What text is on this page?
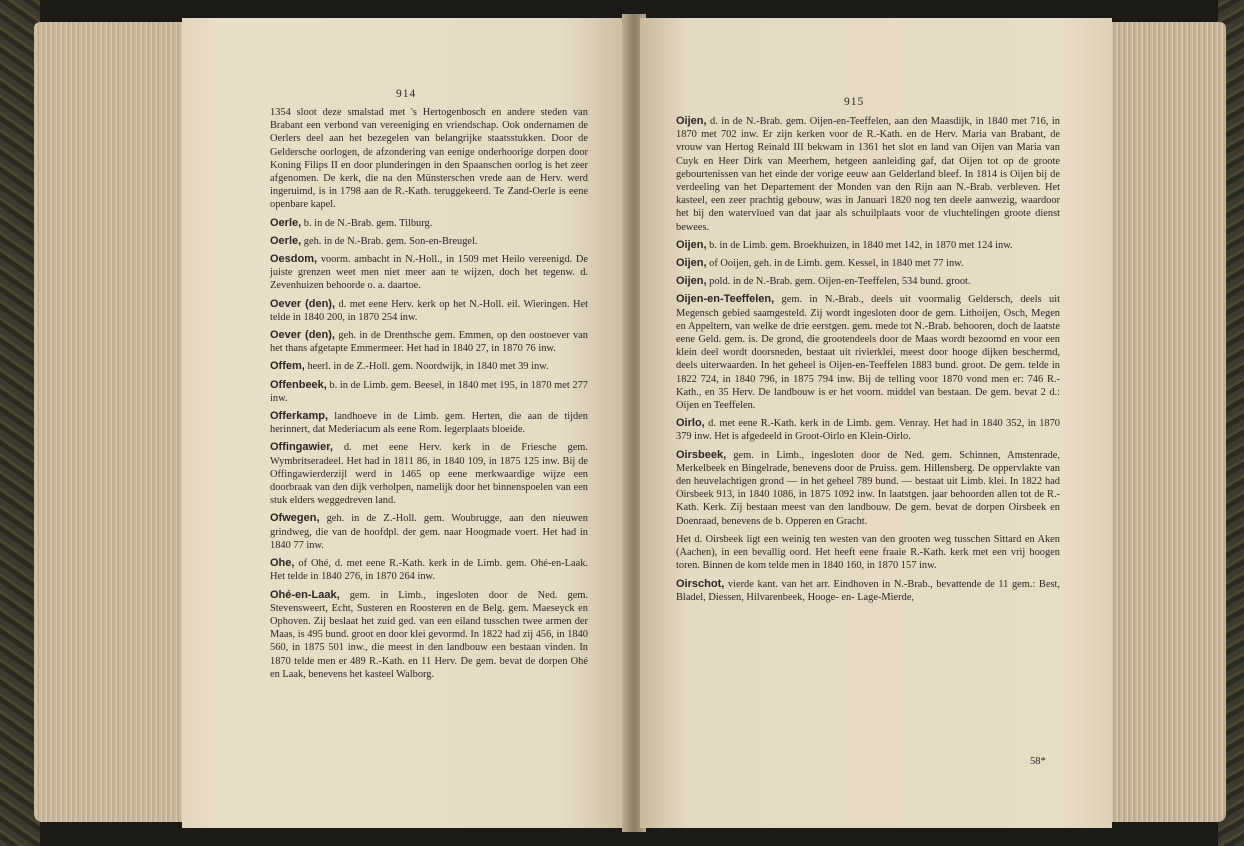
914

1354 sloot deze smalstad met 's Hertogenbosch en andere steden van Brabant een verbond van vereeniging en vriendschap. Ook ondernamen de Oerlers deel aan het bezegelen van belangrijke staatsstukken. Door de Geldersche oorlogen, de afzondering van eenige onderhoorige dorpen door Koning Filips II en door plunderingen in den Spaanschen oorlog is het zeer afgenomen. De kerk, die na den Münsterschen vrede aan de Herv. werd ingeruimd, is in 1798 aan de R.-Kath. teruggekeerd. Te Zand-Oerle is eene openbare kapel.

Oerle, b. in de N.-Brab. gem. Tilburg.

Oerle, geh. in de N.-Brab. gem. Son-en-Breugel.

Oesdom, voorm. ambacht in N.-Holl., in 1509 met Heilo vereenigd. De juiste grenzen weet men niet meer aan te wijzen, doch het tegenw. d. Zevenhuizen behoorde o. a. daartoe.

Oever (den), d. met eene Herv. kerk op het N.-Holl. eil. Wieringen. Het telde in 1840 200, in 1870 254 inw.

Oever (den), geh. in de Drenthsche gem. Emmen, op den oostoever van het thans afgetapte Emmermeer. Het had in 1840 27, in 1870 76 inw.

Offem, heerl. in de Z.-Holl. gem. Noordwijk, in 1840 met 39 inw.

Offenbeek, b. in de Limb. gem. Beesel, in 1840 met 195, in 1870 met 277 inw.

Offerkamp, landhoeve in de Limb. gem. Herten, die aan de tijden herinnert, dat Mederiacum als eene Rom. legerplaats bloeide.

Offingawier, d. met eene Herv. kerk in de Friesche gem. Wymbritseradeel. Het had in 1811 86, in 1840 109, in 1875 125 inw. Bij de Offingawierderzijl werd in 1465 op eene merkwaardige wijze een doorbraak van den dijk verholpen, namelijk door het binnenspoelen van een stuk elders weggedreven land.

Ofwegen, geh. in de Z.-Holl. gem. Woubrugge, aan den nieuwen grindweg, die van de hoofdpl. der gem. naar Hoogmade voert. Het had in 1840 77 inw.

Ohe, of Ohé, d. met eene R.-Kath. kerk in de Limb. gem. Ohé-en-Laak. Het telde in 1840 276, in 1870 264 inw.

Ohé-en-Laak, gem. in Limb., ingesloten door de Ned. gem. Stevensweert, Echt, Susteren en Roosteren en de Belg. gem. Maeseyck en Ophoven. Zij beslaat het zuid ged. van een eiland tusschen twee armen der Maas, is 495 bund. groot en door klei gevormd. In 1822 had zij 456, in 1840 560, in 1875 501 inw., die meest in den landbouw een bestaan vinden. In 1870 telde men er 489 R.-Kath. en 11 Herv. De gem. bevat de dorpen Ohé en Laak, benevens het kasteel Walborg.

915

Oijen, d. in de N.-Brab. gem. Oijen-en-Teeffelen, aan den Maasdijk, in 1840 met 716, in 1870 met 702 inw. Er zijn kerken voor de R.-Kath. en de Herv. Maria van Brabant, de vrouw van Hertog Reinald III bekwam in 1361 het slot en land van Oijen van Maria van Cuyk en Heer Dirk van Meerhem, hetgeen aanleiding gaf, dat Oijen tot op de groote gebourtenissen van het einde der vorige eeuw aan Gelderland bleef. In 1814 is Oijen bij de verdeeling van het Departement der Monden van den Rijn aan N.-Brab. verbleven. Het kasteel, een zeer prachtig gebouw, was in Januari 1820 nog ten deele aanwezig, waardoor het bij den watervloed van dat jaar als schuilplaats voor de vluchtelingen groote dienst bewees.

Oijen, b. in de Limb. gem. Broekhuizen, in 1840 met 142, in 1870 met 124 inw.

Oijen, of Ooijen, geh. in de Limb. gem. Kessel, in 1840 met 77 inw.

Oijen, pold. in de N.-Brab. gem. Oijen-en-Teeffelen, 534 bund. groot.

Oijen-en-Teeffelen, gem. in N.-Brab., deels uit voormalig Geldersch, deels uit Megensch gebied saamgesteld. Zij wordt ingesloten door de gem. Lithoijen, Osch, Megen en Appeltern, van welke de drie eerstgen. gem. mede tot N.-Brab. behooren, doch de laatste eene Geld. gem. is. De grond, die grootendeels door de Maas wordt bezoomd en voor een klein deel wordt doorsneden, bestaat uit rivierklei, meest door hooge dijken beschermd, deels uiterwaarden. In het geheel is Oijen-en-Teeffelen 1883 bund. groot. De gem. telde in 1822 724, in 1840 796, in 1875 794 inw. Bij de telling voor 1870 vond men er: 746 R.-Kath., en 35 Herv. De landbouw is er het voorn. middel van bestaan. De gem. bevat 2 d.: Oijen en Teeffelen.

Oirlo, d. met eene R.-Kath. kerk in de Limb. gem. Venray. Het had in 1840 352, in 1870 379 inw. Het is afgedeeld in Groot-Oirlo en Klein-Oirlo.

Oirsbeek, gem. in Limb., ingesloten door de Ned. gem. Schinnen, Amstenrade, Merkelbeek en Bingelrade, benevens door de Pruiss. gem. Hillensberg. De oppervlakte van den heuvelachtigen grond — in het geheel 789 bund. — bestaat uit Limb. klei. In 1822 had Oirsbeek 913, in 1840 1086, in 1875 1092 inw. In laatstgen. jaar behoorden allen tot de R.-Kath. Kerk. Zij bestaan meest van den landbouw. De gem. bevat de dorpen Oirsbeek en Doenraad, benevens de b. Opperen en Gracht.

Het d. Oirsbeek ligt een weinig ten westen van den grooten weg tusschen Sittard en Aken (Aachen), in een bevallig oord. Het heeft eene fraaie R.-Kath. kerk met een vrij hoogen toren. Binnen de kom telde men in 1840 160, in 1870 157 inw.

Oirschot, vierde kant. van het arr. Eindhoven in N.-Brab., bevattende de 11 gem.: Best, Bladel, Diessen, Hilvarenbeek, Hooge- en- Lage-Mierde,

58*
